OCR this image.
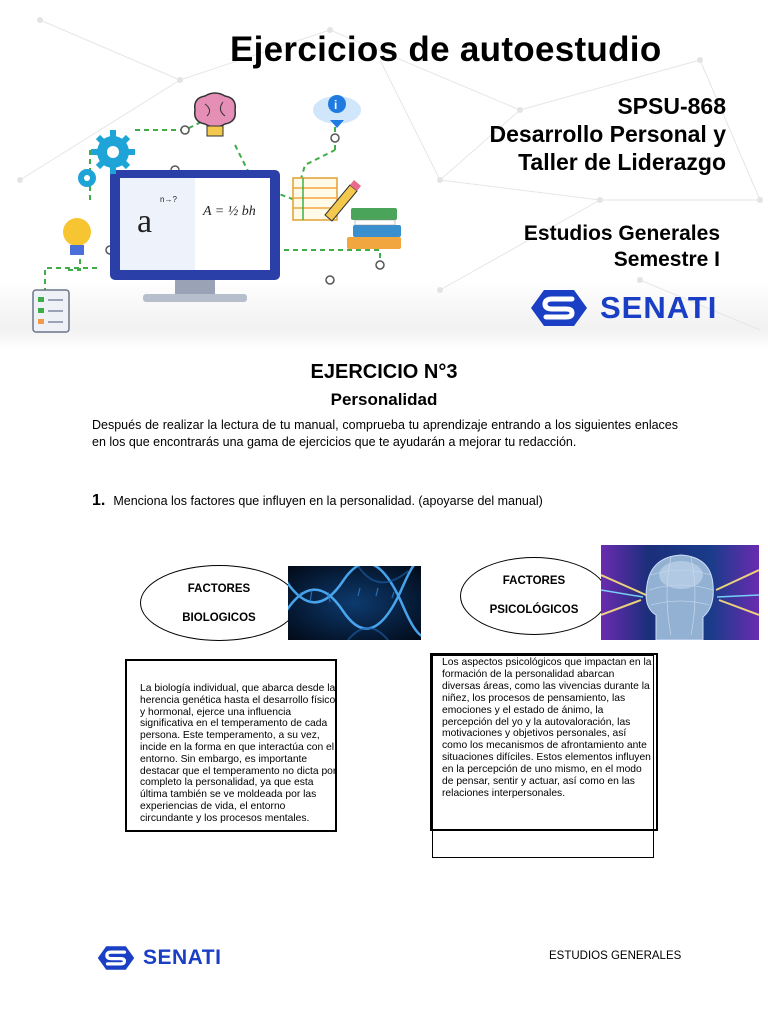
a
n→?
A = ½ bh
i
Ejercicios de autoestudio
SPSU-868
Desarrollo Personal y
Taller de Liderazgo
Estudios Generales
Semestre I
SENATI
EJERCICIO N°3
Personalidad

Después de realizar la lectura de tu manual, comprueba tu aprendizaje entrando a los siguientes enlaces en los que encontrarás una gama de ejercicios que te ayudarán a mejorar tu redacción.

1. Menciona los factores que influyen en la personalidad. (apoyarse del manual)
FACTORES
BIOLOGICOS
La biología individual, que abarca desde la herencia genética hasta el desarrollo físico y hormonal, ejerce una influencia significativa en el temperamento de cada persona. Este temperamento, a su vez, incide en la forma en que interactúa con el entorno. Sin embargo, es importante destacar que el temperamento no dicta por completo la personalidad, ya que esta última también se ve moldeada por las experiencias de vida, el entorno circundante y los procesos mentales.
FACTORES
PSICOLÓGICOS
Los aspectos psicológicos que impactan en la formación de la personalidad abarcan diversas áreas, como las vivencias durante la niñez, los procesos de pensamiento, las emociones y el estado de ánimo, la percepción del yo y la autovaloración, las motivaciones y objetivos personales, así como los mecanismos de afrontamiento ante situaciones difíciles. Estos elementos influyen en la percepción de uno mismo, en el modo de pensar, sentir y actuar, así como en las relaciones interpersonales.
SENATI	ESTUDIOS GENERALES
